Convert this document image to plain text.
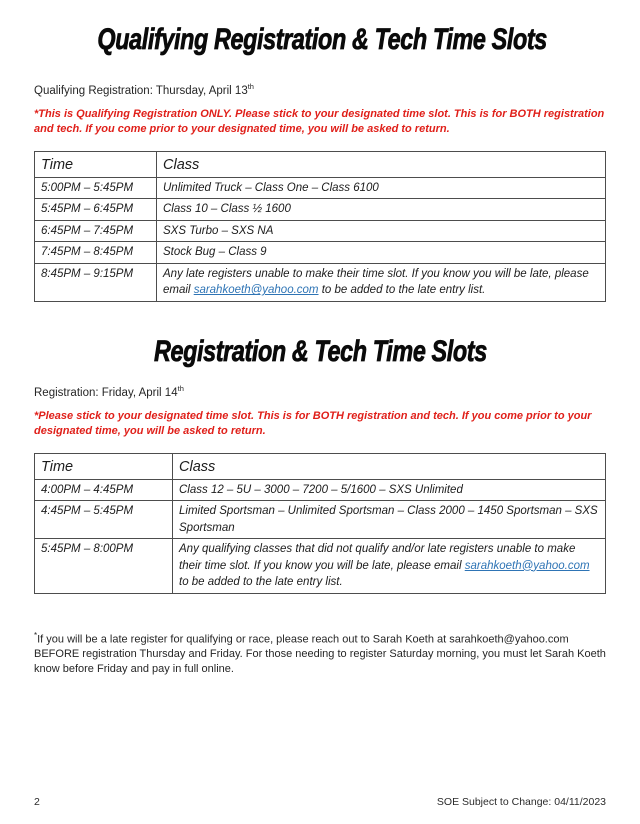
Qualifying Registration & Tech Time Slots

Qualifying Registration: Thursday, April 13th

*This is Qualifying Registration ONLY. Please stick to your designated time slot. This is for BOTH registration and tech. If you come prior to your designated time, you will be asked to return.

Time	Class
5:00PM – 5:45PM	Unlimited Truck – Class One – Class 6100
5:45PM – 6:45PM	Class 10 – Class ½ 1600
6:45PM – 7:45PM	SXS Turbo – SXS NA
7:45PM – 8:45PM	Stock Bug – Class 9
8:45PM – 9:15PM	Any late registers unable to make their time slot. If you know you will be late, please email sarahkoeth@yahoo.com to be added to the late entry list.
Registration & Tech Time Slots

Registration: Friday, April 14th

*Please stick to your designated time slot. This is for BOTH registration and tech. If you come prior to your designated time, you will be asked to return.

Time	Class
4:00PM – 4:45PM	Class 12 – 5U – 3000 – 7200 – 5/1600 – SXS Unlimited
4:45PM – 5:45PM	Limited Sportsman – Unlimited Sportsman – Class 2000 – 1450 Sportsman – SXS Sportsman
5:45PM – 8:00PM	Any qualifying classes that did not qualify and/or late registers unable to make their time slot. If you know you will be late, please email sarahkoeth@yahoo.com to be added to the late entry list.

*If you will be a late register for qualifying or race, please reach out to Sarah Koeth at sarahkoeth@yahoo.com BEFORE registration Thursday and Friday. For those needing to register Saturday morning, you must let Sarah Koeth know before Friday and pay in full online.

2	SOE Subject to Change: 04/11/2023
